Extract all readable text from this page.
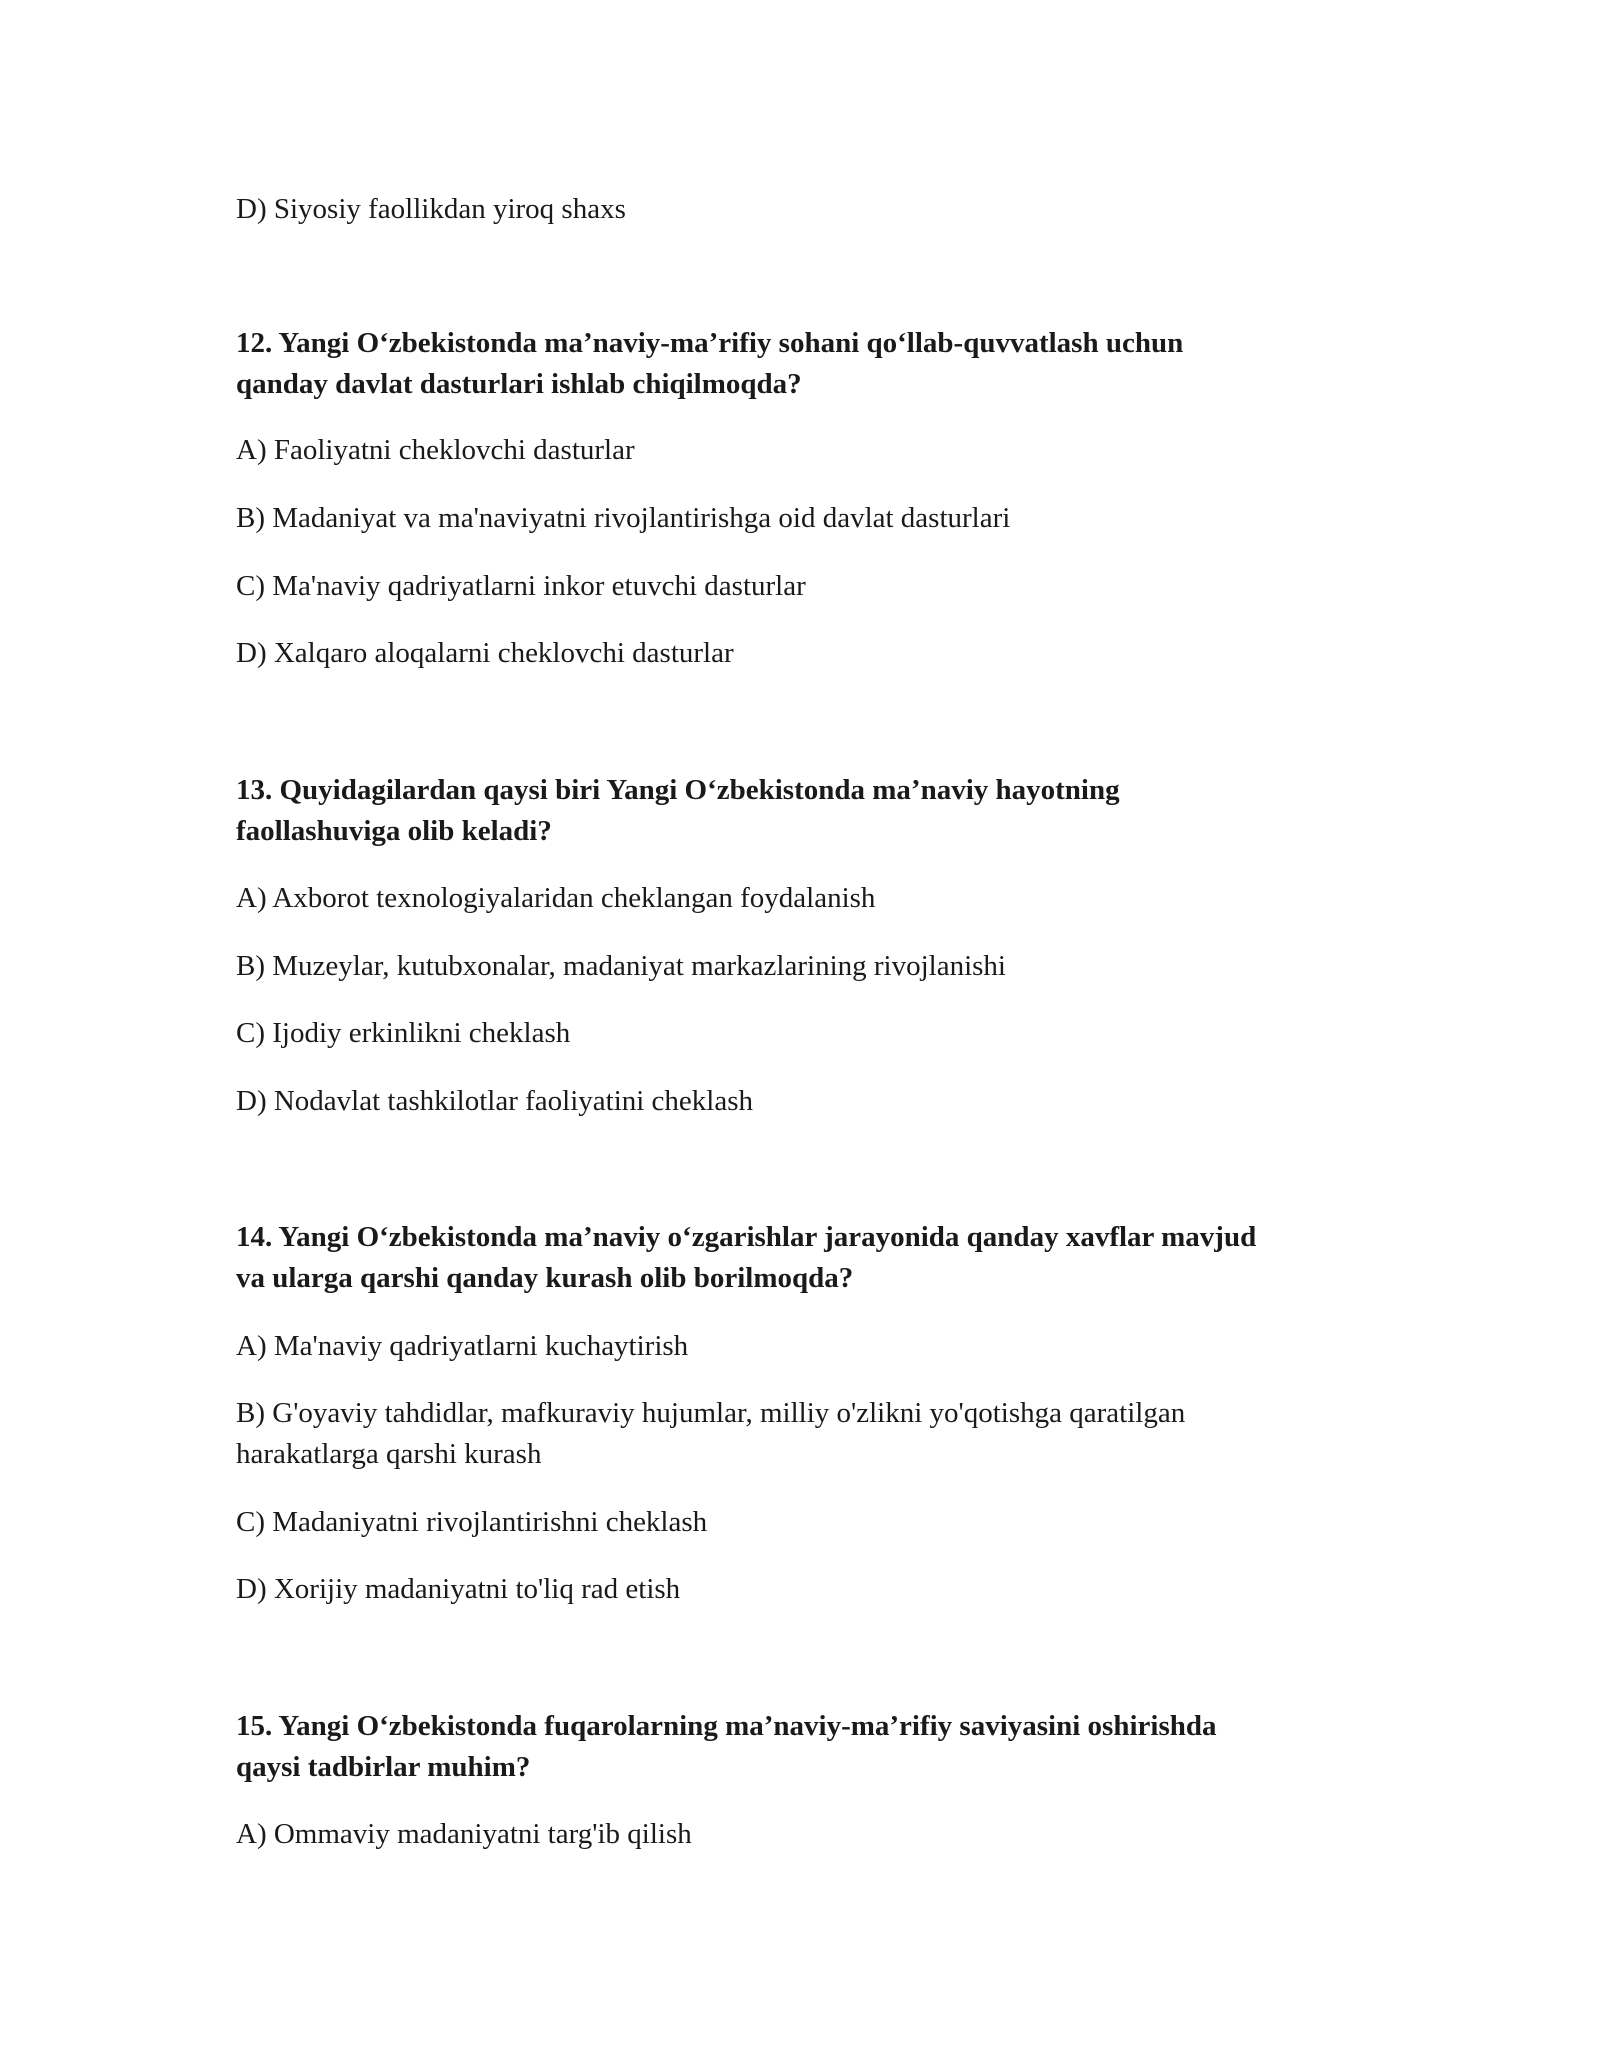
D) Siyosiy faollikdan yiroq shaxs
12. Yangi O‘zbekistonda ma’naviy-ma’rifiy sohani qo‘llab-quvvatlash uchun
qanday davlat dasturlari ishlab chiqilmoqda?
A) Faoliyatni cheklovchi dasturlar
B) Madaniyat va ma'naviyatni rivojlantirishga oid davlat dasturlari
C) Ma'naviy qadriyatlarni inkor etuvchi dasturlar
D) Xalqaro aloqalarni cheklovchi dasturlar
13. Quyidagilardan qaysi biri Yangi O‘zbekistonda ma’naviy hayotning
faollashuviga olib keladi?
A) Axborot texnologiyalaridan cheklangan foydalanish
B) Muzeylar, kutubxonalar, madaniyat markazlarining rivojlanishi
C) Ijodiy erkinlikni cheklash
D) Nodavlat tashkilotlar faoliyatini cheklash
14. Yangi O‘zbekistonda ma’naviy o‘zgarishlar jarayonida qanday xavflar mavjud
va ularga qarshi qanday kurash olib borilmoqda?
A) Ma'naviy qadriyatlarni kuchaytirish
B) G'oyaviy tahdidlar, mafkuraviy hujumlar, milliy o'zlikni yo'qotishga qaratilgan
harakatlarga qarshi kurash
C) Madaniyatni rivojlantirishni cheklash
D) Xorijiy madaniyatni to'liq rad etish
15. Yangi O‘zbekistonda fuqarolarning ma’naviy-ma’rifiy saviyasini oshirishda
qaysi tadbirlar muhim?
A) Ommaviy madaniyatni targ'ib qilish
